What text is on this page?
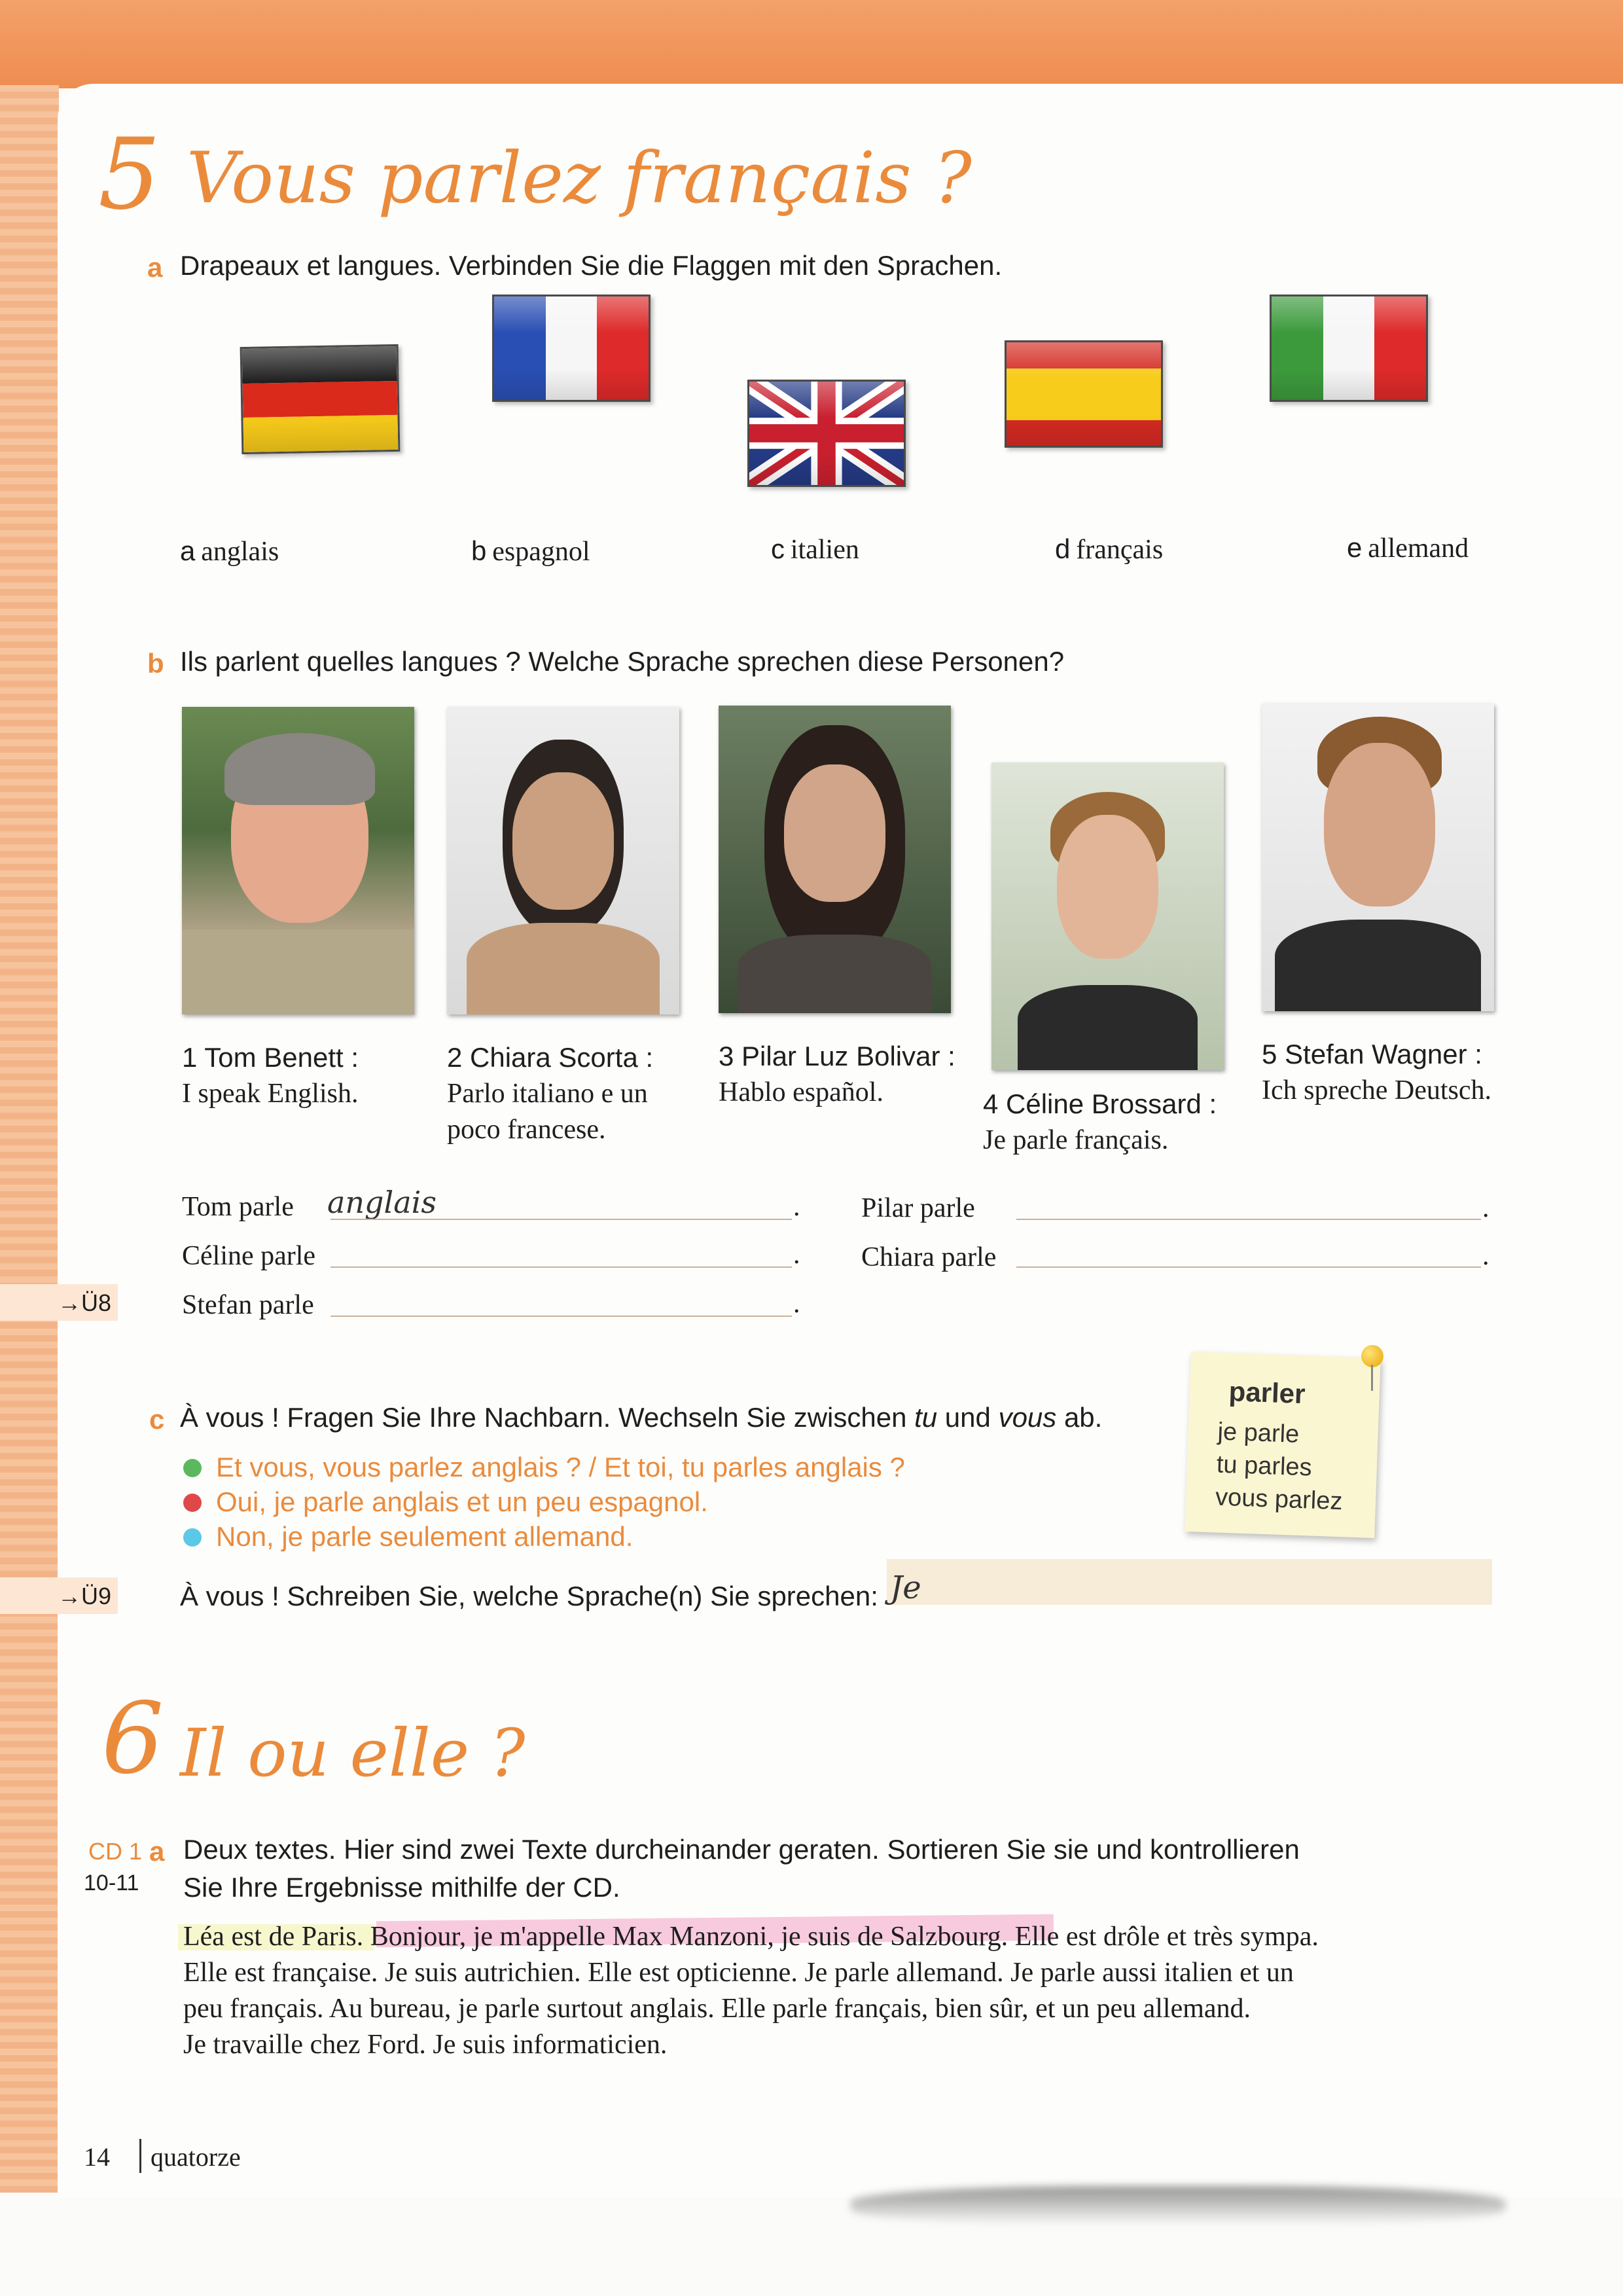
5 Vous parlez français ?
a Drapeaux et langues. Verbinden Sie die Flaggen mit den Sprachen.
a anglais	b espagnol	c italien	d français	e allemand
b Ils parlent quelles langues ? Welche Sprache sprechen diese Personen?
1 Tom Benett :
I speak English.
2 Chiara Scorta :
Parlo italiano e un
poco francese.
3 Pilar Luz Bolivar :
Hablo español.	4 Céline Brossard :
Je parle français.
5 Stefan Wagner :
Ich spreche Deutsch.
Tom parle anglais	.
Céline parle	.
Stefan parle	.
Pilar parle	.
Chiara parle	.
→Ü8
c À vous ! Fragen Sie Ihre Nachbarn. Wechseln Sie zwischen tu und vous ab.
Et vous, vous parlez anglais ? / Et toi, tu parles anglais ?
Oui, je parle anglais et un peu espagnol.
Non, je parle seulement allemand.
parler
je parle
tu parles
vous parlez
→Ü9 À vous ! Schreiben Sie, welche Sprache(n) Sie sprechen: Je
6 Il ou elle ?
CD 1
10-11
a Deux textes. Hier sind zwei Texte durcheinander geraten. Sortieren Sie sie und kontrollieren
Sie Ihre Ergebnisse mithilfe der CD.
Léa est de Paris. Bonjour, je m'appelle Max Manzoni, je suis de Salzbourg. Elle est drôle et très sympa.
Elle est française. Je suis autrichien. Elle est opticienne. Je parle allemand. Je parle aussi italien et un
peu français. Au bureau, je parle surtout anglais. Elle parle français, bien sûr, et un peu allemand.
Je travaille chez Ford. Je suis informaticien.
14 quatorze
